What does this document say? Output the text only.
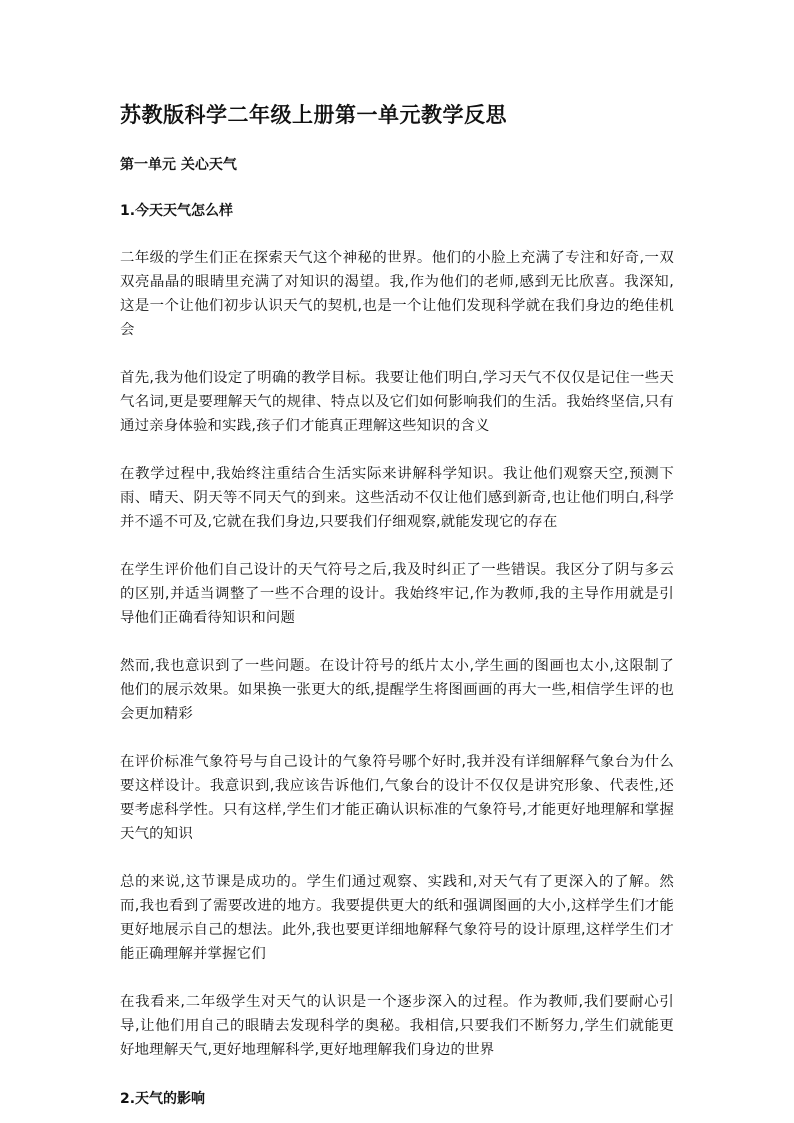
苏教版科学二年级上册第一单元教学反思
第一单元 关心天气
1.今天天气怎么样

二年级的学生们正在探索天气这个神秘的世界。他们的小脸上充满了专注和好奇,一双双亮晶晶的眼睛里充满了对知识的渴望。我,作为他们的老师,感到无比欣喜。我深知,这是一个让他们初步认识天气的契机,也是一个让他们发现科学就在我们身边的绝佳机会

首先,我为他们设定了明确的教学目标。我要让他们明白,学习天气不仅仅是记住一些天气名词,更是要理解天气的规律、特点以及它们如何影响我们的生活。我始终坚信,只有通过亲身体验和实践,孩子们才能真正理解这些知识的含义

在教学过程中,我始终注重结合生活实际来讲解科学知识。我让他们观察天空,预测下雨、晴天、阴天等不同天气的到来。这些活动不仅让他们感到新奇,也让他们明白,科学并不遥不可及,它就在我们身边,只要我们仔细观察,就能发现它的存在

在学生评价他们自己设计的天气符号之后,我及时纠正了一些错误。我区分了阴与多云的区别,并适当调整了一些不合理的设计。我始终牢记,作为教师,我的主导作用就是引导他们正确看待知识和问题

然而,我也意识到了一些问题。在设计符号的纸片太小,学生画的图画也太小,这限制了他们的展示效果。如果换一张更大的纸,提醒学生将图画画的再大一些,相信学生评的也会更加精彩

在评价标准气象符号与自己设计的气象符号哪个好时,我并没有详细解释气象台为什么要这样设计。我意识到,我应该告诉他们,气象台的设计不仅仅是讲究形象、代表性,还要考虑科学性。只有这样,学生们才能正确认识标准的气象符号,才能更好地理解和掌握天气的知识

总的来说,这节课是成功的。学生们通过观察、实践和,对天气有了更深入的了解。然而,我也看到了需要改进的地方。我要提供更大的纸和强调图画的大小,这样学生们才能更好地展示自己的想法。此外,我也要更详细地解释气象符号的设计原理,这样学生们才能正确理解并掌握它们

在我看来,二年级学生对天气的认识是一个逐步深入的过程。作为教师,我们要耐心引导,让他们用自己的眼睛去发现科学的奥秘。我相信,只要我们不断努力,学生们就能更好地理解天气,更好地理解科学,更好地理解我们身边的世界

2.天气的影响
